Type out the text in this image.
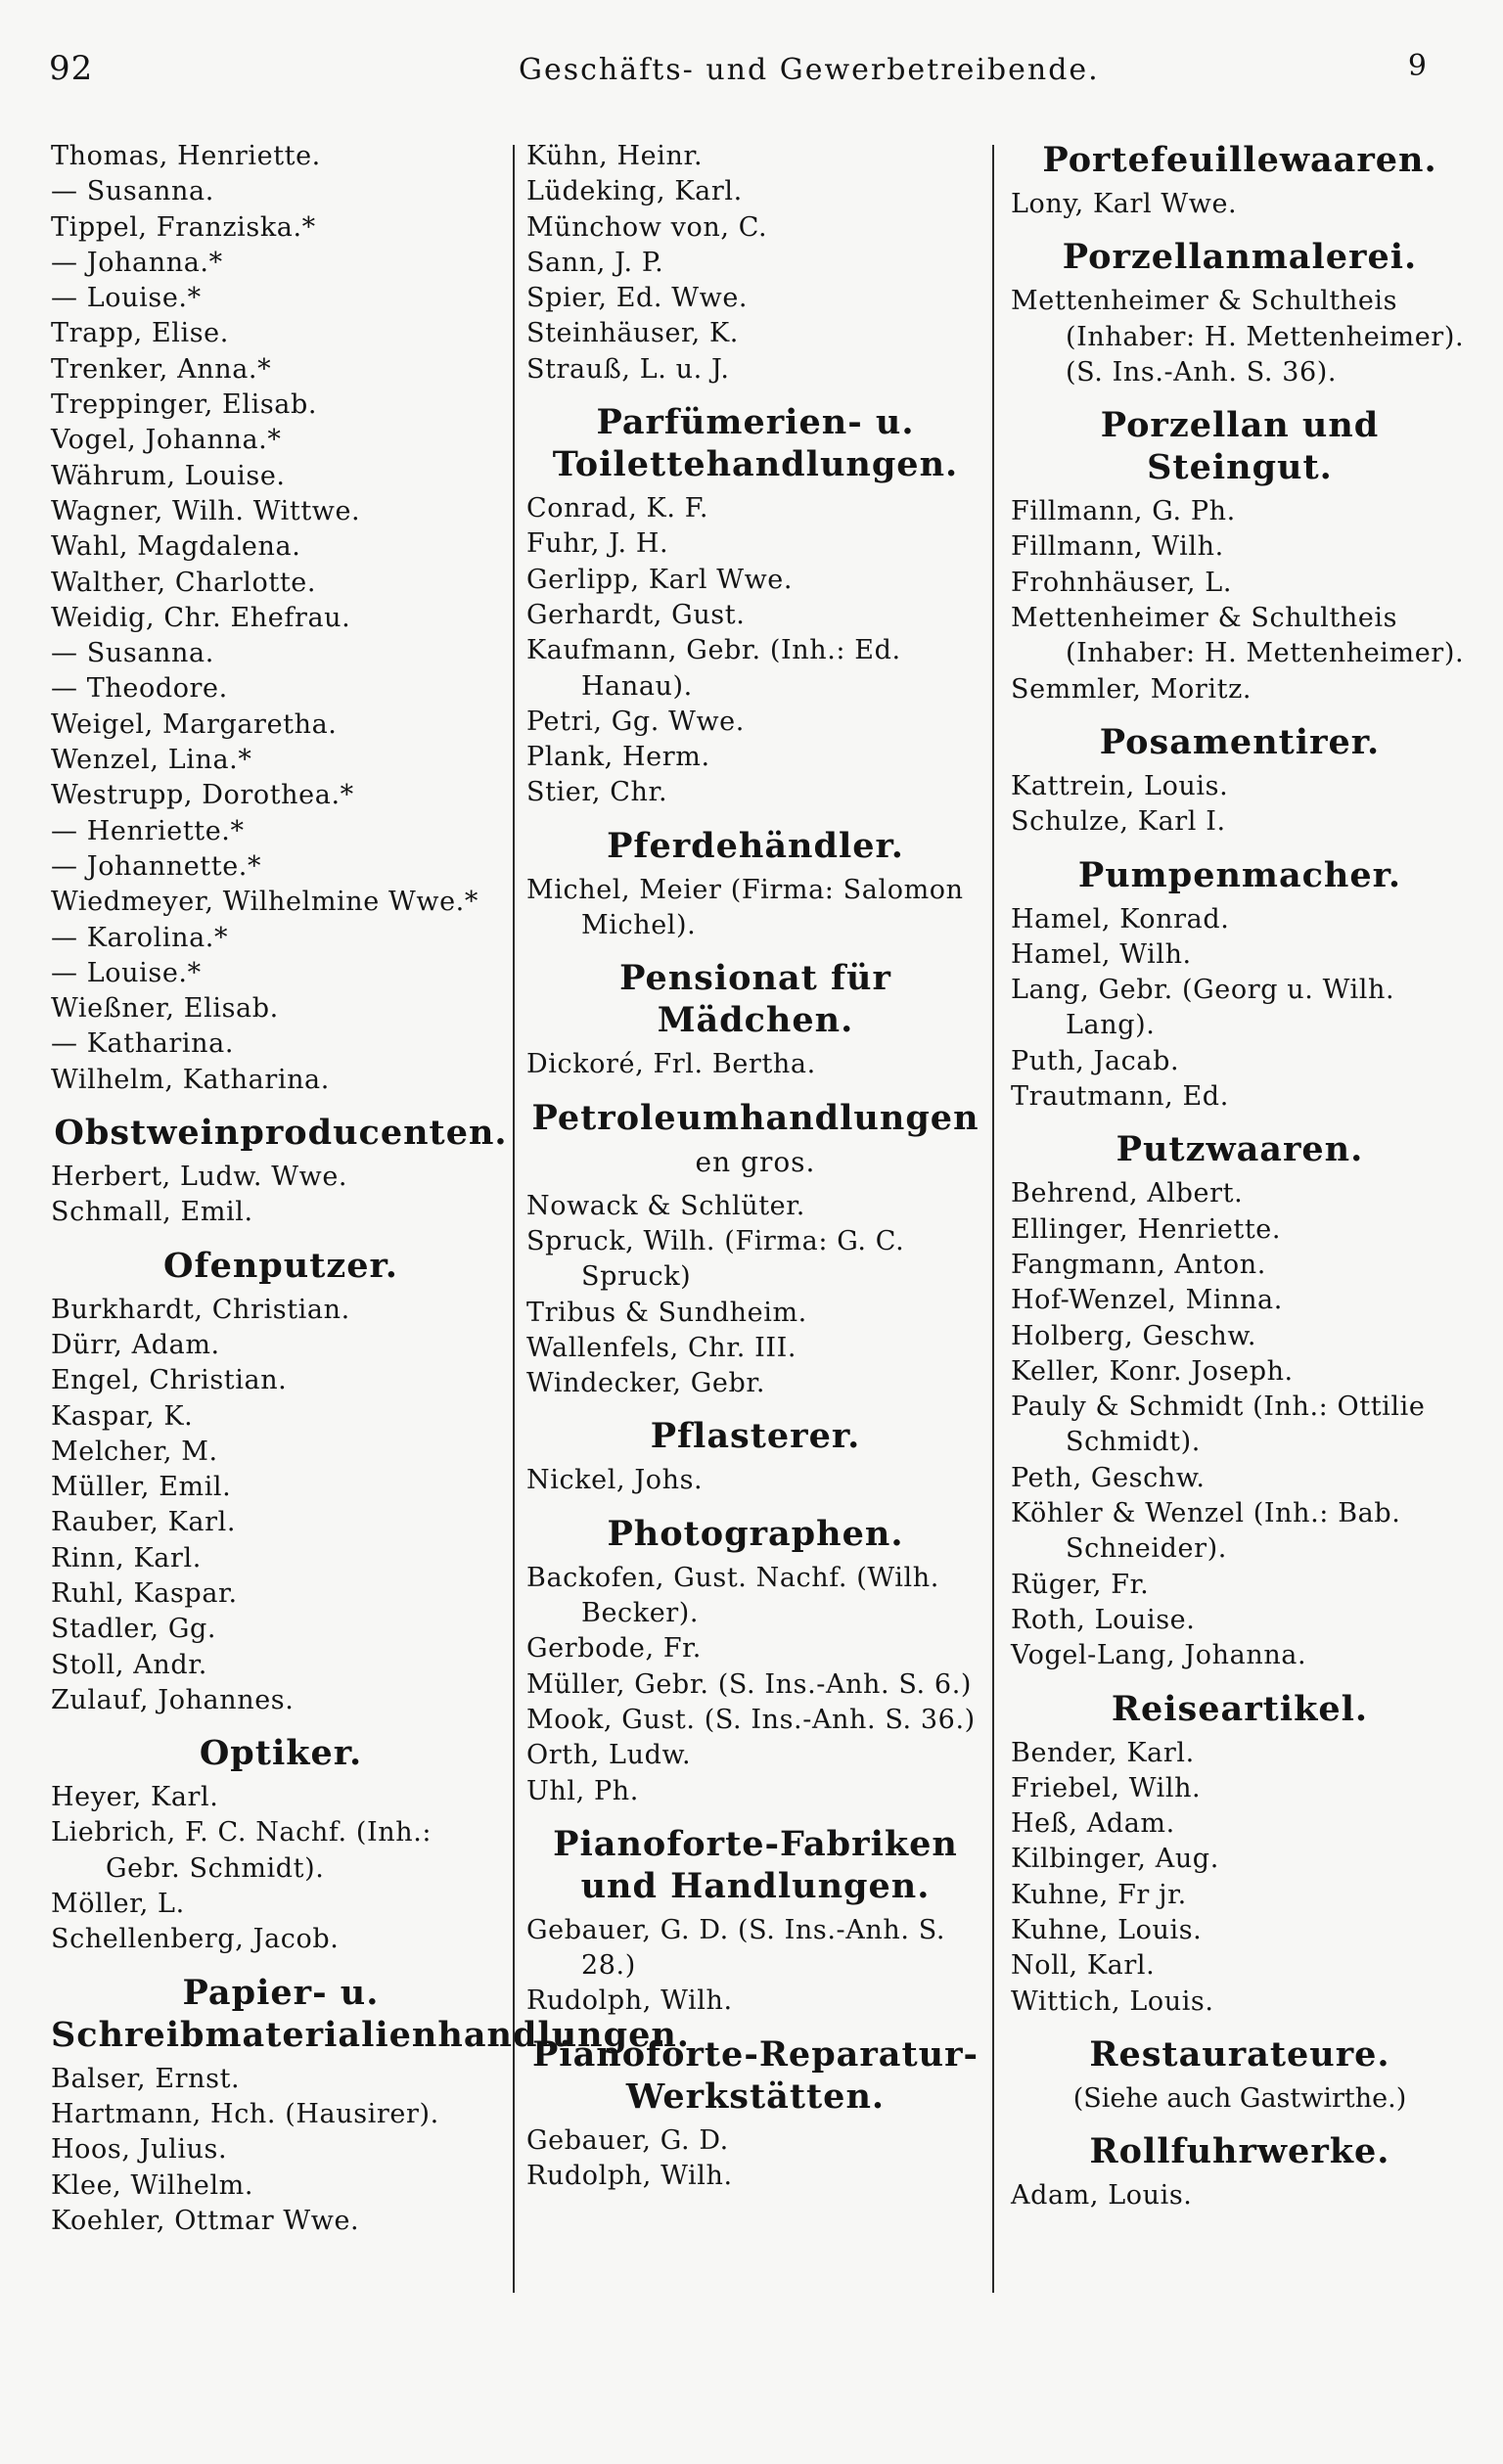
92	Geschäfts- und Gewerbetreibende.	9
Thomas, Henriette.
— Susanna.
Tippel, Franziska.*
— Johanna.*
— Louise.*
Trapp, Elise.
Trenker, Anna.*
Treppinger, Elisab.
Vogel, Johanna.*
Währum, Louise.
Wagner, Wilh. Wittwe.
Wahl, Magdalena.
Walther, Charlotte.
Weidig, Chr. Ehefrau.
— Susanna.
— Theodore.
Weigel, Margaretha.
Wenzel, Lina.*
Westrupp, Dorothea.*
— Henriette.*
— Johannette.*
Wiedmeyer, Wilhelmine Wwe.*
— Karolina.*
— Louise.*
Wießner, Elisab.
— Katharina.
Wilhelm, Katharina.
Obstweinproducenten.
Herbert, Ludw. Wwe.
Schmall, Emil.
Ofenputzer.
Burkhardt, Christian.
Dürr, Adam.
Engel, Christian.
Kaspar, K.
Melcher, M.
Müller, Emil.
Rauber, Karl.
Rinn, Karl.
Ruhl, Kaspar.
Stadler, Gg.
Stoll, Andr.
Zulauf, Johannes.
Optiker.
Heyer, Karl.
Liebrich, F. C. Nachf. (Inh.: Gebr. Schmidt).
Möller, L.
Schellenberg, Jacob.
Papier- u. Schreibmaterialienhandlungen.
Balser, Ernst.
Hartmann, Hch. (Hausirer).
Hoos, Julius.
Klee, Wilhelm.
Koehler, Ottmar Wwe.
Kühn, Heinr.
Lüdeking, Karl.
Münchow von, C.
Sann, J. P.
Spier, Ed. Wwe.
Steinhäuser, K.
Strauß, L. u. J.
Parfümerien- u. Toilettehandlungen.
Conrad, K. F.
Fuhr, J. H.
Gerlipp, Karl Wwe.
Gerhardt, Gust.
Kaufmann, Gebr. (Inh.: Ed. Hanau).
Petri, Gg. Wwe.
Plank, Herm.
Stier, Chr.
Pferdehändler.
Michel, Meier (Firma: Salomon Michel).
Pensionat für Mädchen.
Dickoré, Frl. Bertha.
Petroleumhandlungen
en gros.
Nowack & Schlüter.
Spruck, Wilh. (Firma: G. C. Spruck)
Tribus & Sundheim.
Wallenfels, Chr. III.
Windecker, Gebr.
Pflasterer.
Nickel, Johs.
Photographen.
Backofen, Gust. Nachf. (Wilh. Becker).
Gerbode, Fr.
Müller, Gebr. (S. Ins.-Anh. S. 6.)
Mook, Gust. (S. Ins.-Anh. S. 36.)
Orth, Ludw.
Uhl, Ph.
Pianoforte-Fabriken und Handlungen.
Gebauer, G. D. (S. Ins.-Anh. S. 28.)
Rudolph, Wilh.
Pianoforte-Reparatur-Werkstätten.
Gebauer, G. D.
Rudolph, Wilh.
Portefeuillewaaren.
Lony, Karl Wwe.
Porzellanmalerei.
Mettenheimer & Schultheis (Inhaber: H. Mettenheimer). (S. Ins.-Anh. S. 36).
Porzellan und Steingut.
Fillmann, G. Ph.
Fillmann, Wilh.
Frohnhäuser, L.
Mettenheimer & Schultheis (Inhaber: H. Mettenheimer).
Semmler, Moritz.
Posamentirer.
Kattrein, Louis.
Schulze, Karl I.
Pumpenmacher.
Hamel, Konrad.
Hamel, Wilh.
Lang, Gebr. (Georg u. Wilh. Lang).
Puth, Jacab.
Trautmann, Ed.
Putzwaaren.
Behrend, Albert.
Ellinger, Henriette.
Fangmann, Anton.
Hof-Wenzel, Minna.
Holberg, Geschw.
Keller, Konr. Joseph.
Pauly & Schmidt (Inh.: Ottilie Schmidt).
Peth, Geschw.
Köhler & Wenzel (Inh.: Bab. Schneider).
Rüger, Fr.
Roth, Louise.
Vogel-Lang, Johanna.
Reiseartikel.
Bender, Karl.
Friebel, Wilh.
Heß, Adam.
Kilbinger, Aug.
Kuhne, Fr jr.
Kuhne, Louis.
Noll, Karl.
Wittich, Louis.
Restaurateure.
(Siehe auch Gastwirthe.)
Rollfuhrwerke.
Adam, Louis.
